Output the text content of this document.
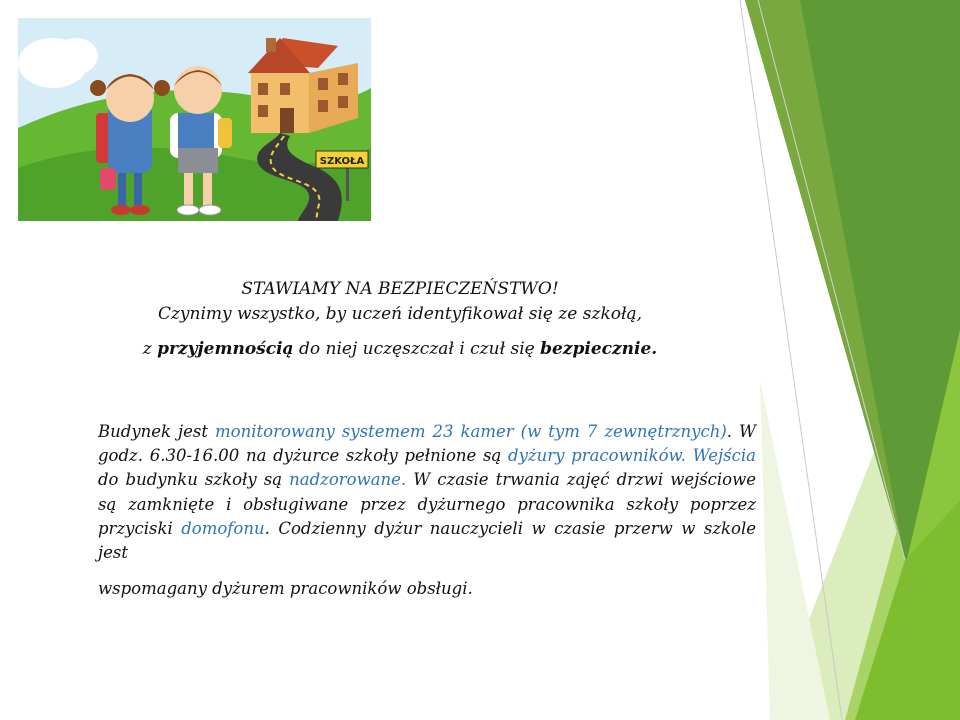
SZKOŁA
STAWIAMY NA BEZPIECZEŃSTWO!
Czynimy wszystko, by uczeń identyfikował się ze szkołą,
z przyjemnością do niej uczęszczał i czuł się bezpiecznie.
Budynek jest monitorowany systemem 23 kamer (w tym 7 zewnętrznych). W godz. 6.30-16.00 na dyżurce szkoły pełnione są dyżury pracowników. Wejścia do budynku szkoły są nadzorowane. W czasie trwania zajęć drzwi wejściowe są zamknięte i obsługiwane przez dyżurnego pracownika szkoły poprzez przyciski domofonu. Codzienny dyżur nauczycieli w czasie przerw w szkole jest
wspomagany dyżurem pracowników obsługi.
